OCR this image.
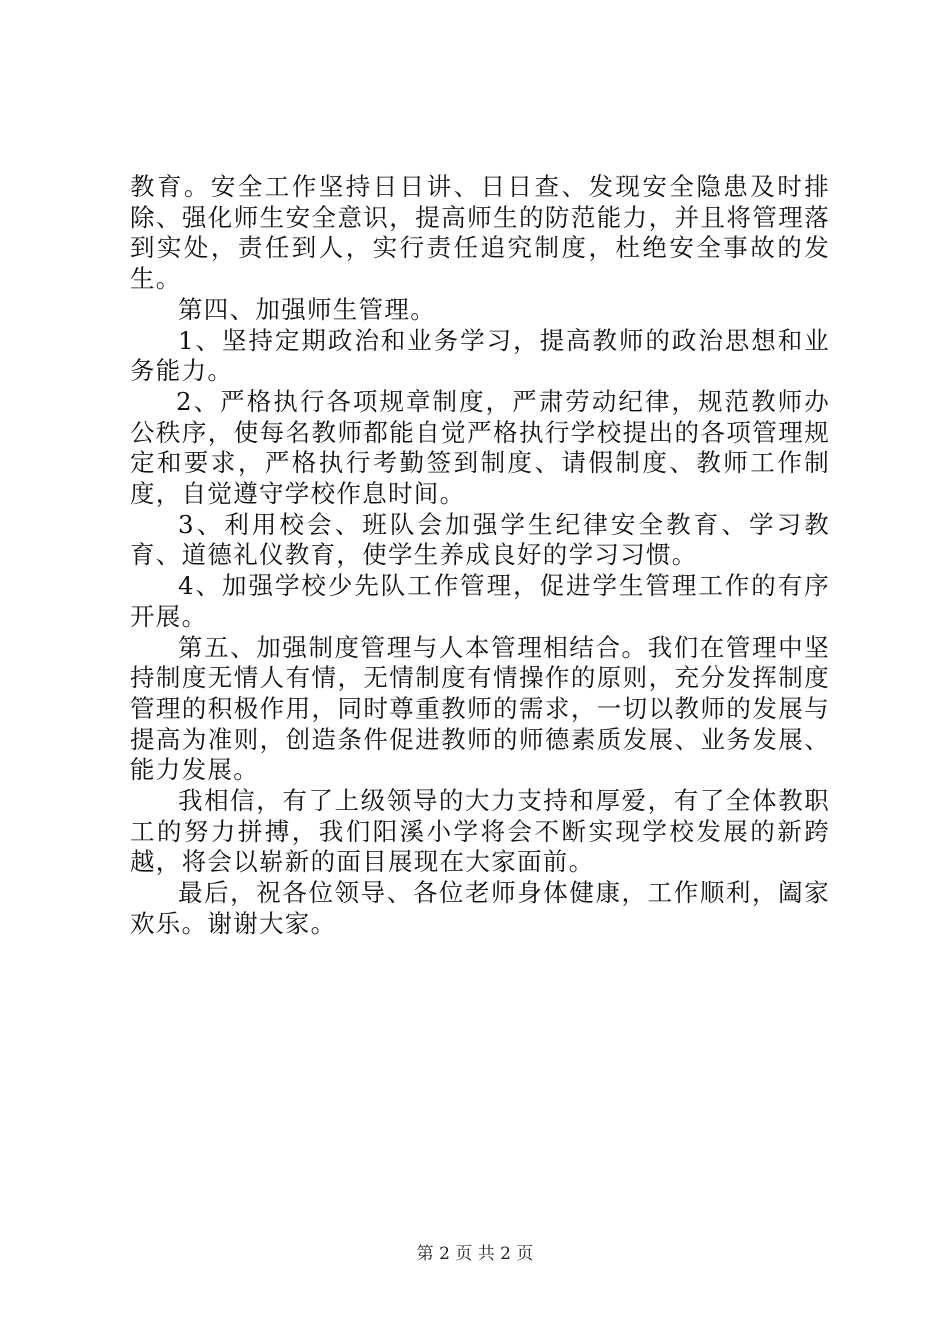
教育。安全工作坚持日日讲、日日查、发现安全隐患及时排除、强化师生安全意识，提高师生的防范能力，并且将管理落到实处，责任到人，实行责任追究制度，杜绝安全事故的发生。

第四、加强师生管理。

1、坚持定期政治和业务学习，提高教师的政治思想和业务能力。

2、严格执行各项规章制度，严肃劳动纪律，规范教师办公秩序，使每名教师都能自觉严格执行学校提出的各项管理规定和要求，严格执行考勤签到制度、请假制度、教师工作制度，自觉遵守学校作息时间。

3、利用校会、班队会加强学生纪律安全教育、学习教育、道德礼仪教育，使学生养成良好的学习习惯。

4、加强学校少先队工作管理，促进学生管理工作的有序开展。

第五、加强制度管理与人本管理相结合。我们在管理中坚持制度无情人有情，无情制度有情操作的原则，充分发挥制度管理的积极作用，同时尊重教师的需求，一切以教师的发展与提高为准则，创造条件促进教师的师德素质发展、业务发展、能力发展。

我相信，有了上级领导的大力支持和厚爱，有了全体教职工的努力拼搏，我们阳溪小学将会不断实现学校发展的新跨越，将会以崭新的面目展现在大家面前。

最后，祝各位领导、各位老师身体健康，工作顺利，阖家欢乐。谢谢大家。

第 2 页 共 2 页
